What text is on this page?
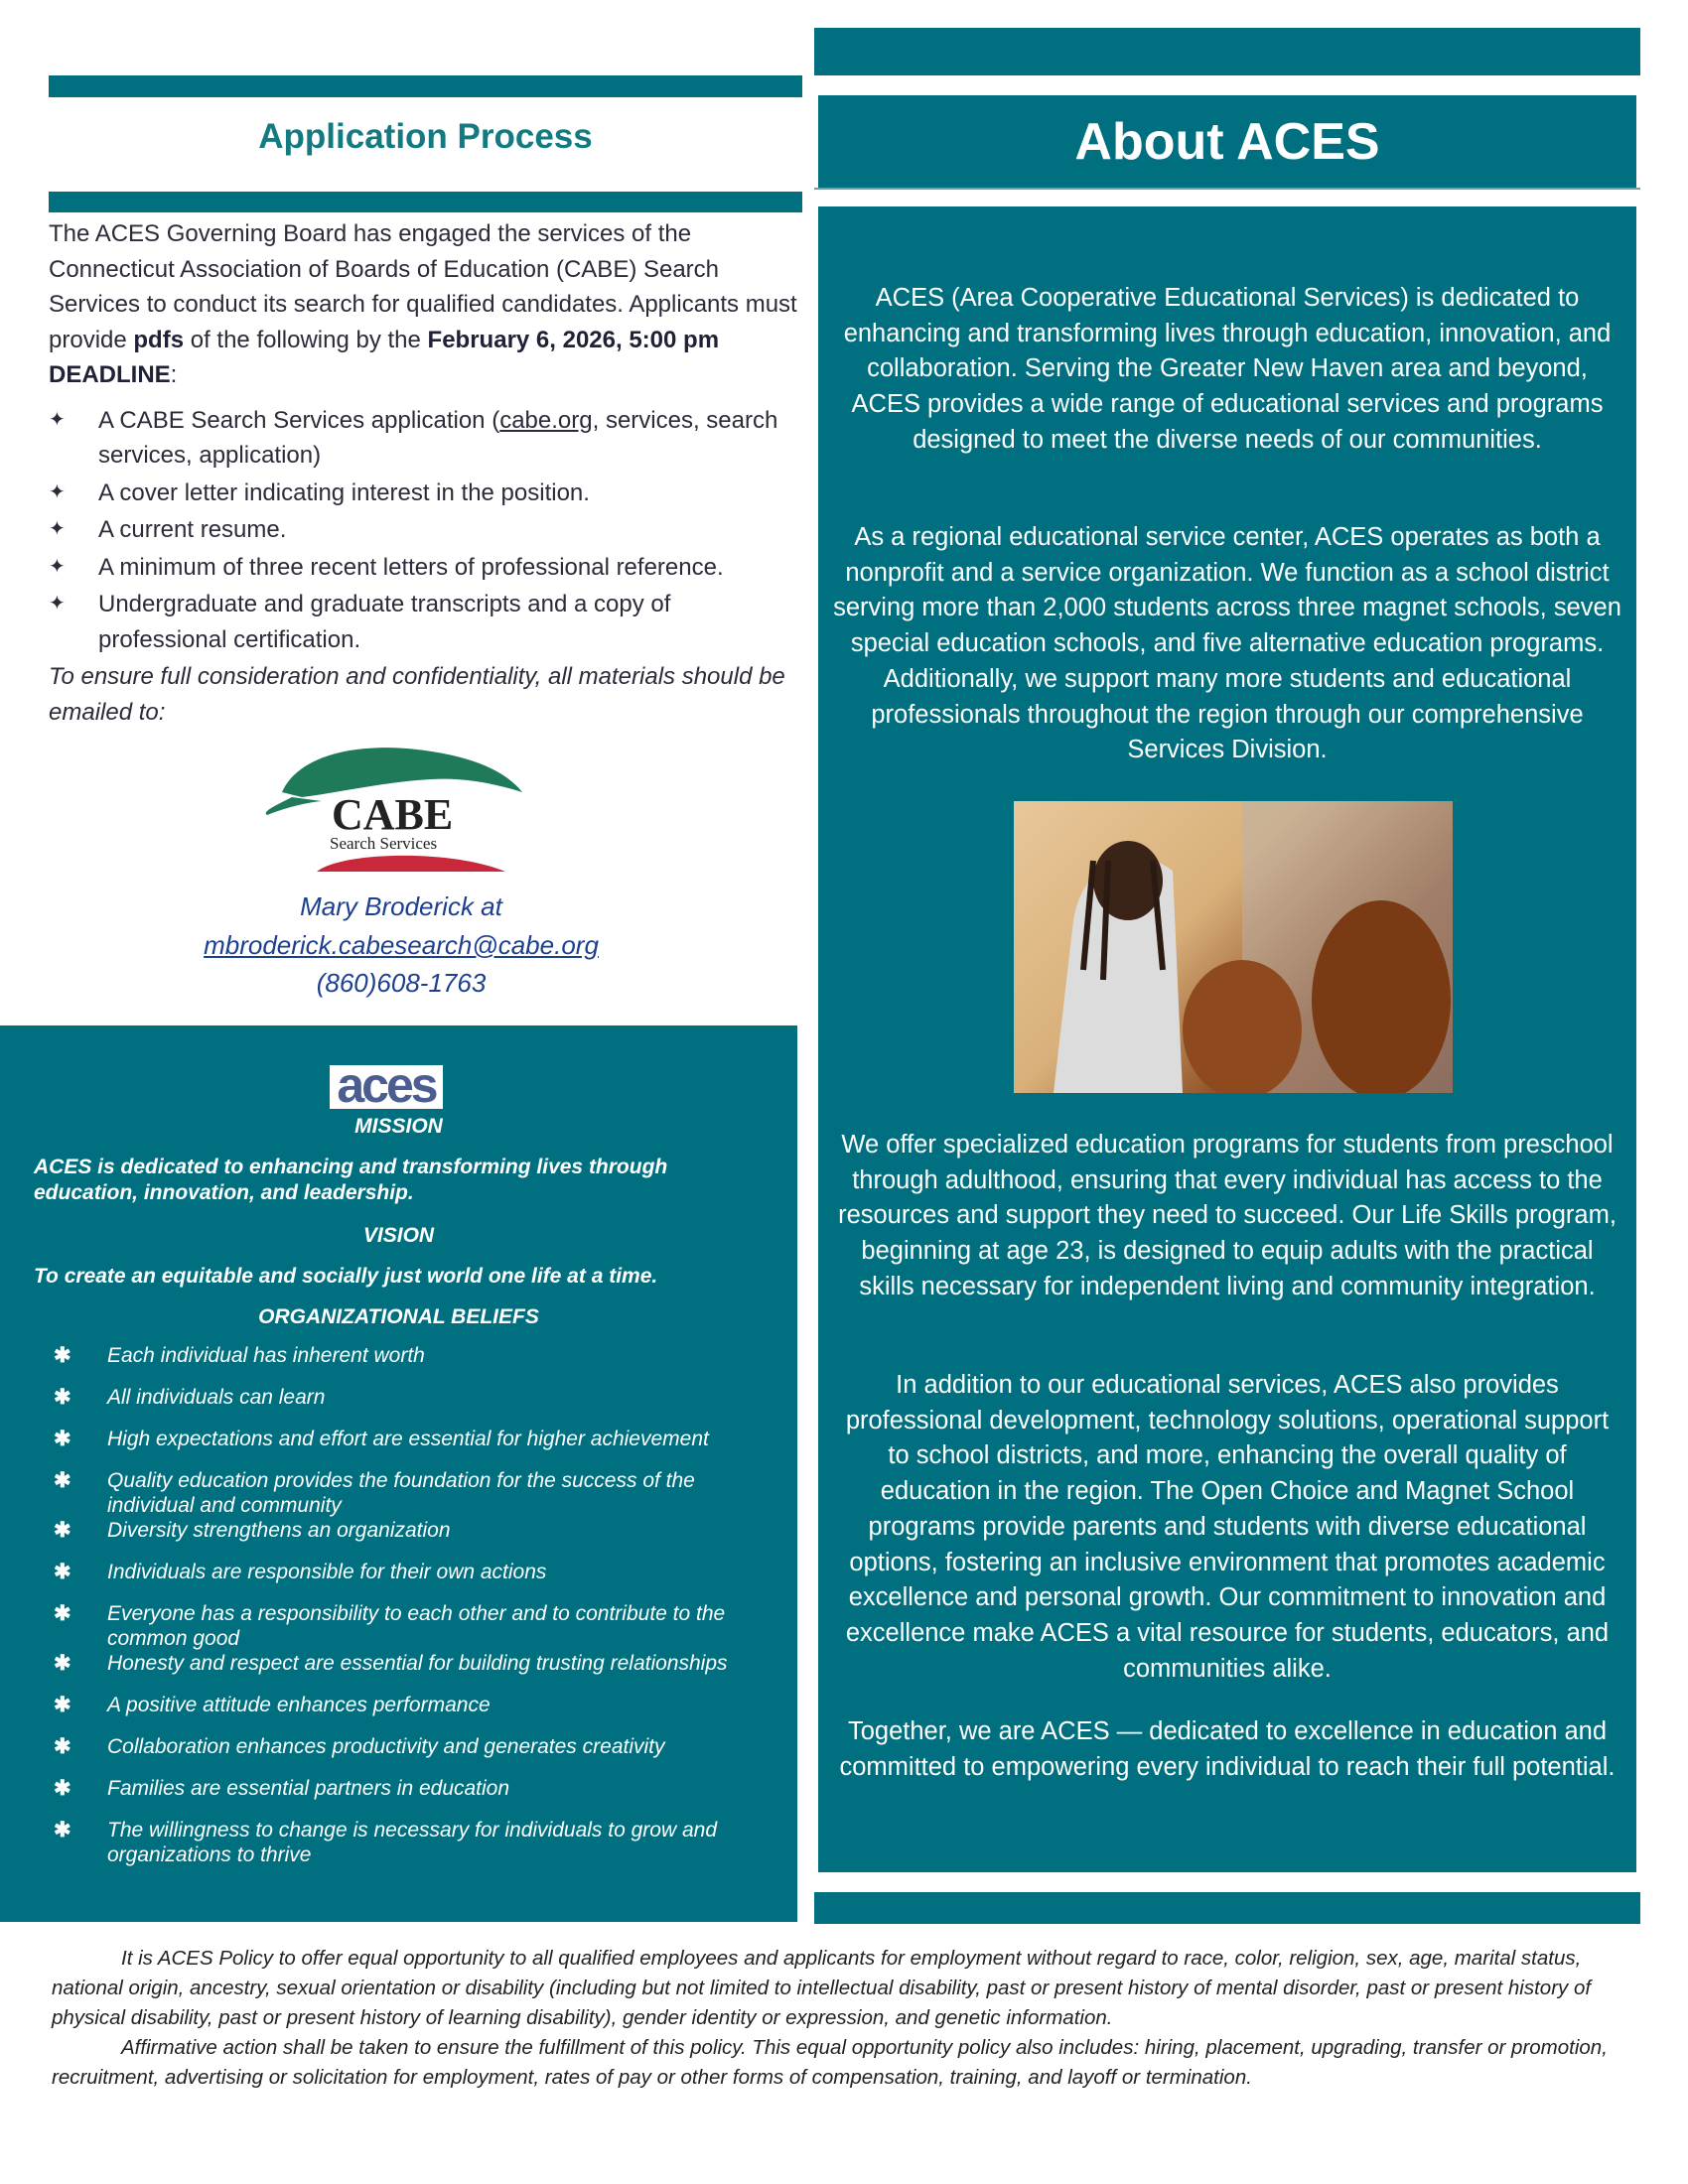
Application Process

The ACES Governing Board has engaged the services of the Connecticut Association of Boards of Education (CABE) Search Services to conduct its search for qualified candidates. Applicants must provide pdfs of the following by the February 6, 2026, 5:00 pm DEADLINE:

✦ A CABE Search Services application (cabe.org, services, search services, application)
✦ A cover letter indicating interest in the position.
✦ A current resume.
✦ A minimum of three recent letters of professional reference.
✦ Undergraduate and graduate transcripts and a copy of professional certification.

To ensure full consideration and confidentiality, all materials should be emailed to:

CABE
Search Services
Mary Broderick at
mbroderick.cabesearch@cabe.org
(860)608-1763
aces
MISSION
ACES is dedicated to enhancing and transforming lives through education, innovation, and leadership.
VISION
To create an equitable and socially just world one life at a time.
ORGANIZATIONAL BELIEFS
✱ Each individual has inherent worth
✱ All individuals can learn
✱ High expectations and effort are essential for higher achievement
✱ Quality education provides the foundation for the success of the individual and community
✱ Diversity strengthens an organization
✱ Individuals are responsible for their own actions
✱ Everyone has a responsibility to each other and to contribute to the common good
✱ Honesty and respect are essential for building trusting relationships
✱ A positive attitude enhances performance
✱ Collaboration enhances productivity and generates creativity
✱ Families are essential partners in education
✱ The willingness to change is necessary for individuals to grow and organizations to thrive
About ACES

ACES (Area Cooperative Educational Services) is dedicated to enhancing and transforming lives through education, innovation, and collaboration. Serving the Greater New Haven area and beyond, ACES provides a wide range of educational services and programs designed to meet the diverse needs of our communities.

As a regional educational service center, ACES operates as both a nonprofit and a service organization. We function as a school district serving more than 2,000 students across three magnet schools, seven special education schools, and five alternative education programs. Additionally, we support many more students and educational professionals throughout the region through our comprehensive Services Division.

We offer specialized education programs for students from preschool through adulthood, ensuring that every individual has access to the resources and support they need to succeed. Our Life Skills program, beginning at age 23, is designed to equip adults with the practical skills necessary for independent living and community integration.

In addition to our educational services, ACES also provides professional development, technology solutions, operational support to school districts, and more, enhancing the overall quality of education in the region. The Open Choice and Magnet School programs provide parents and students with diverse educational options, fostering an inclusive environment that promotes academic excellence and personal growth. Our commitment to innovation and excellence make ACES a vital resource for students, educators, and communities alike.

Together, we are ACES — dedicated to excellence in education and committed to empowering every individual to reach their full potential.

It is ACES Policy to offer equal opportunity to all qualified employees and applicants for employment without regard to race, color, religion, sex, age, marital status, national origin, ancestry, sexual orientation or disability (including but not limited to intellectual disability, past or present history of mental disorder, past or present history of physical disability, past or present history of learning disability), gender identity or expression, and genetic information.

Affirmative action shall be taken to ensure the fulfillment of this policy. This equal opportunity policy also includes: hiring, placement, upgrading, transfer or promotion, recruitment, advertising or solicitation for employment, rates of pay or other forms of compensation, training, and layoff or termination.
